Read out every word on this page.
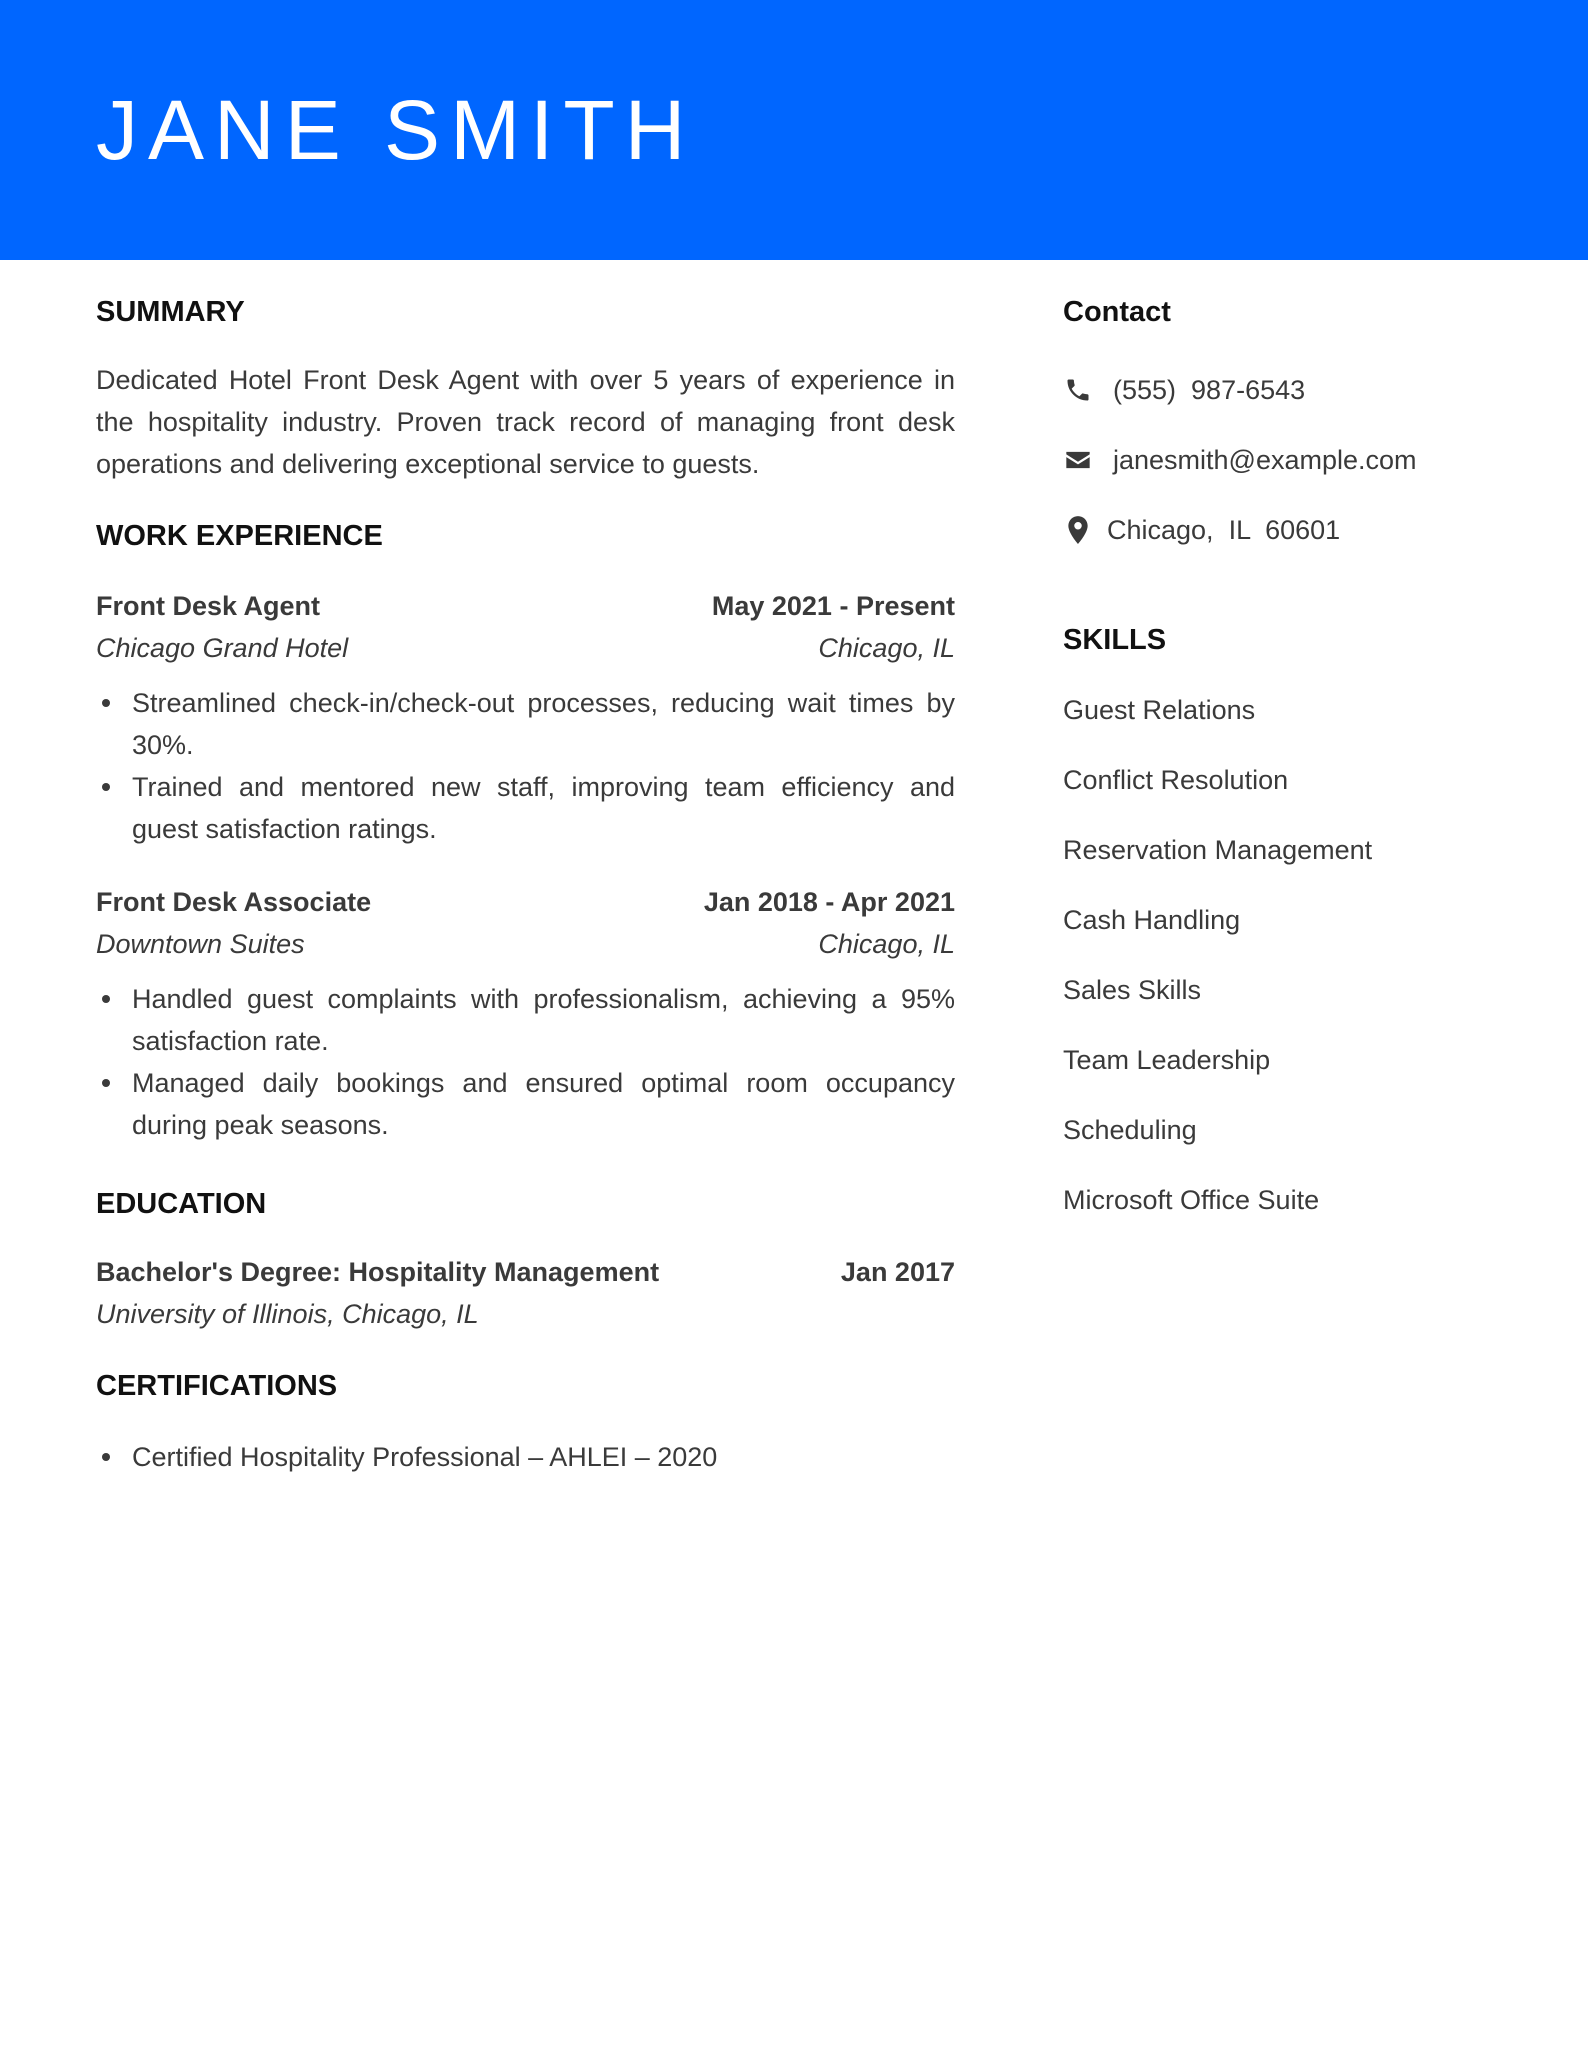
JANE SMITH
SUMMARY

Dedicated Hotel Front Desk Agent with over 5 years of experience in the hospitality industry. Proven track record of managing front desk operations and delivering exceptional service to guests.

WORK EXPERIENCE
Front Desk Agent	May 2021 - Present
Chicago Grand Hotel	Chicago, IL
Streamlined check-in/check-out processes, reducing wait times by 30%.
Trained and mentored new staff, improving team efficiency and guest satisfaction ratings.
Front Desk Associate	Jan 2018 - Apr 2021
Downtown Suites	Chicago, IL
Handled guest complaints with professionalism, achieving a 95% satisfaction rate.
Managed daily bookings and ensured optimal room occupancy during peak seasons.
EDUCATION
Bachelor's Degree: Hospitality Management	Jan 2017
University of Illinois, Chicago, IL
CERTIFICATIONS
Certified Hospitality Professional – AHLEI – 2020
Contact
(555)  987-6543
janesmith@example.com
Chicago,  IL  60601
SKILLS
Guest Relations
Conflict Resolution
Reservation Management
Cash Handling
Sales Skills
Team Leadership
Scheduling
Microsoft Office Suite
